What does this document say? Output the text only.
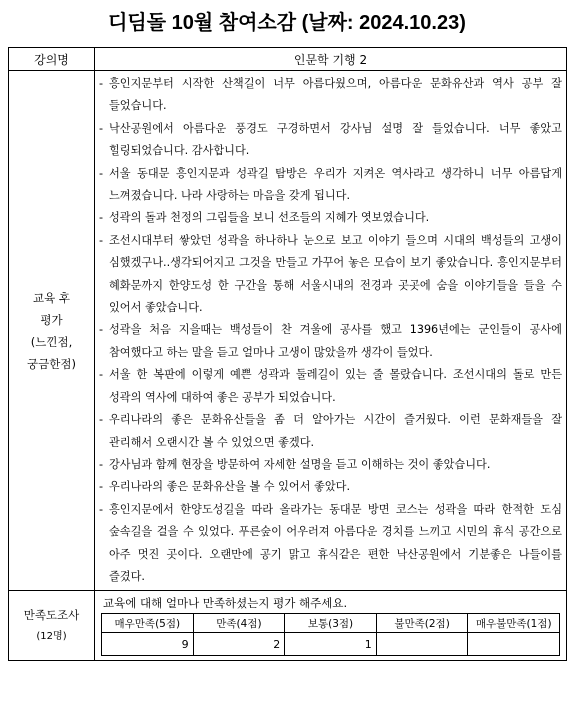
디딤돌 10월 참여소감 (날짜: 2024.10.23)
강의명	인문학 기행 2

교육 후
평가
(느낀점,
궁금한점)

- 흥인지문부터 시작한 산책길이 너무 아름다웠으며, 아름다운 문화유산과 역사 공부 잘 들었습니다.
- 낙산공원에서 아름다운 풍경도 구경하면서 강사님 설명 잘 들었습니다. 너무 좋았고 힐링되었습니다. 감사합니다.
- 서울 동대문 흥인지문과 성곽길 탐방은 우리가 지켜온 역사라고 생각하니 너무 아름답게 느껴졌습니다. 나라 사랑하는 마음을 갖게 됩니다.
- 성곽의 돌과 천정의 그림들을 보니 선조들의 지혜가 엿보였습니다.
- 조선시대부터 쌓았던 성곽을 하나하나 눈으로 보고 이야기 들으며 시대의 백성들의 고생이 심했겠구나..생각되어지고 그것을 만들고 가꾸어 놓은 모습이 보기 좋았습니다. 흥인지문부터 혜화문까지 한양도성 한 구간을 통해 서울시내의 전경과 곳곳에 숨을 이야기들을 들을 수 있어서 좋았습니다.
- 성곽을 처음 지을때는 백성들이 찬 겨울에 공사를 했고 1396년에는 군인들이 공사에 참여했다고 하는 말을 듣고 얼마나 고생이 많았을까 생각이 들었다.
- 서울 한 복판에 이렇게 예쁜 성곽과 둘레길이 있는 줄 몰랐습니다. 조선시대의 돌로 만든 성곽의 역사에 대하여 좋은 공부가 되었습니다.
- 우리나라의 좋은 문화유산들을 좀 더 알아가는 시간이 즐거웠다. 이런 문화재들을 잘 관리해서 오랜시간 볼 수 있었으면 좋겠다.
- 강사님과 함께 현장을 방문하여 자세한 설명을 듣고 이해하는 것이 좋았습니다.
- 우리나라의 좋은 문화유산을 볼 수 있어서 좋았다.
- 흥인지문에서 한양도성길을 따라 올라가는 동대문 방면 코스는 성곽을 따라 한적한 도심 숲속길을 걸을 수 있었다. 푸른숲이 어우러져 아름다운 경치를 느끼고 시민의 휴식 공간으로 아주 멋진 곳이다. 오랜만에 공기 맑고 휴식같은 편한 낙산공원에서 기분좋은 나들이를 즐겼다.

만족도조사
(12명)

교육에 대해 얼마나 만족하셨는지 평가 해주세요.
매우만족(5점)	만족(4점)	보통(3점)	불만족(2점)	매우불만족(1점)
9	2	1		
